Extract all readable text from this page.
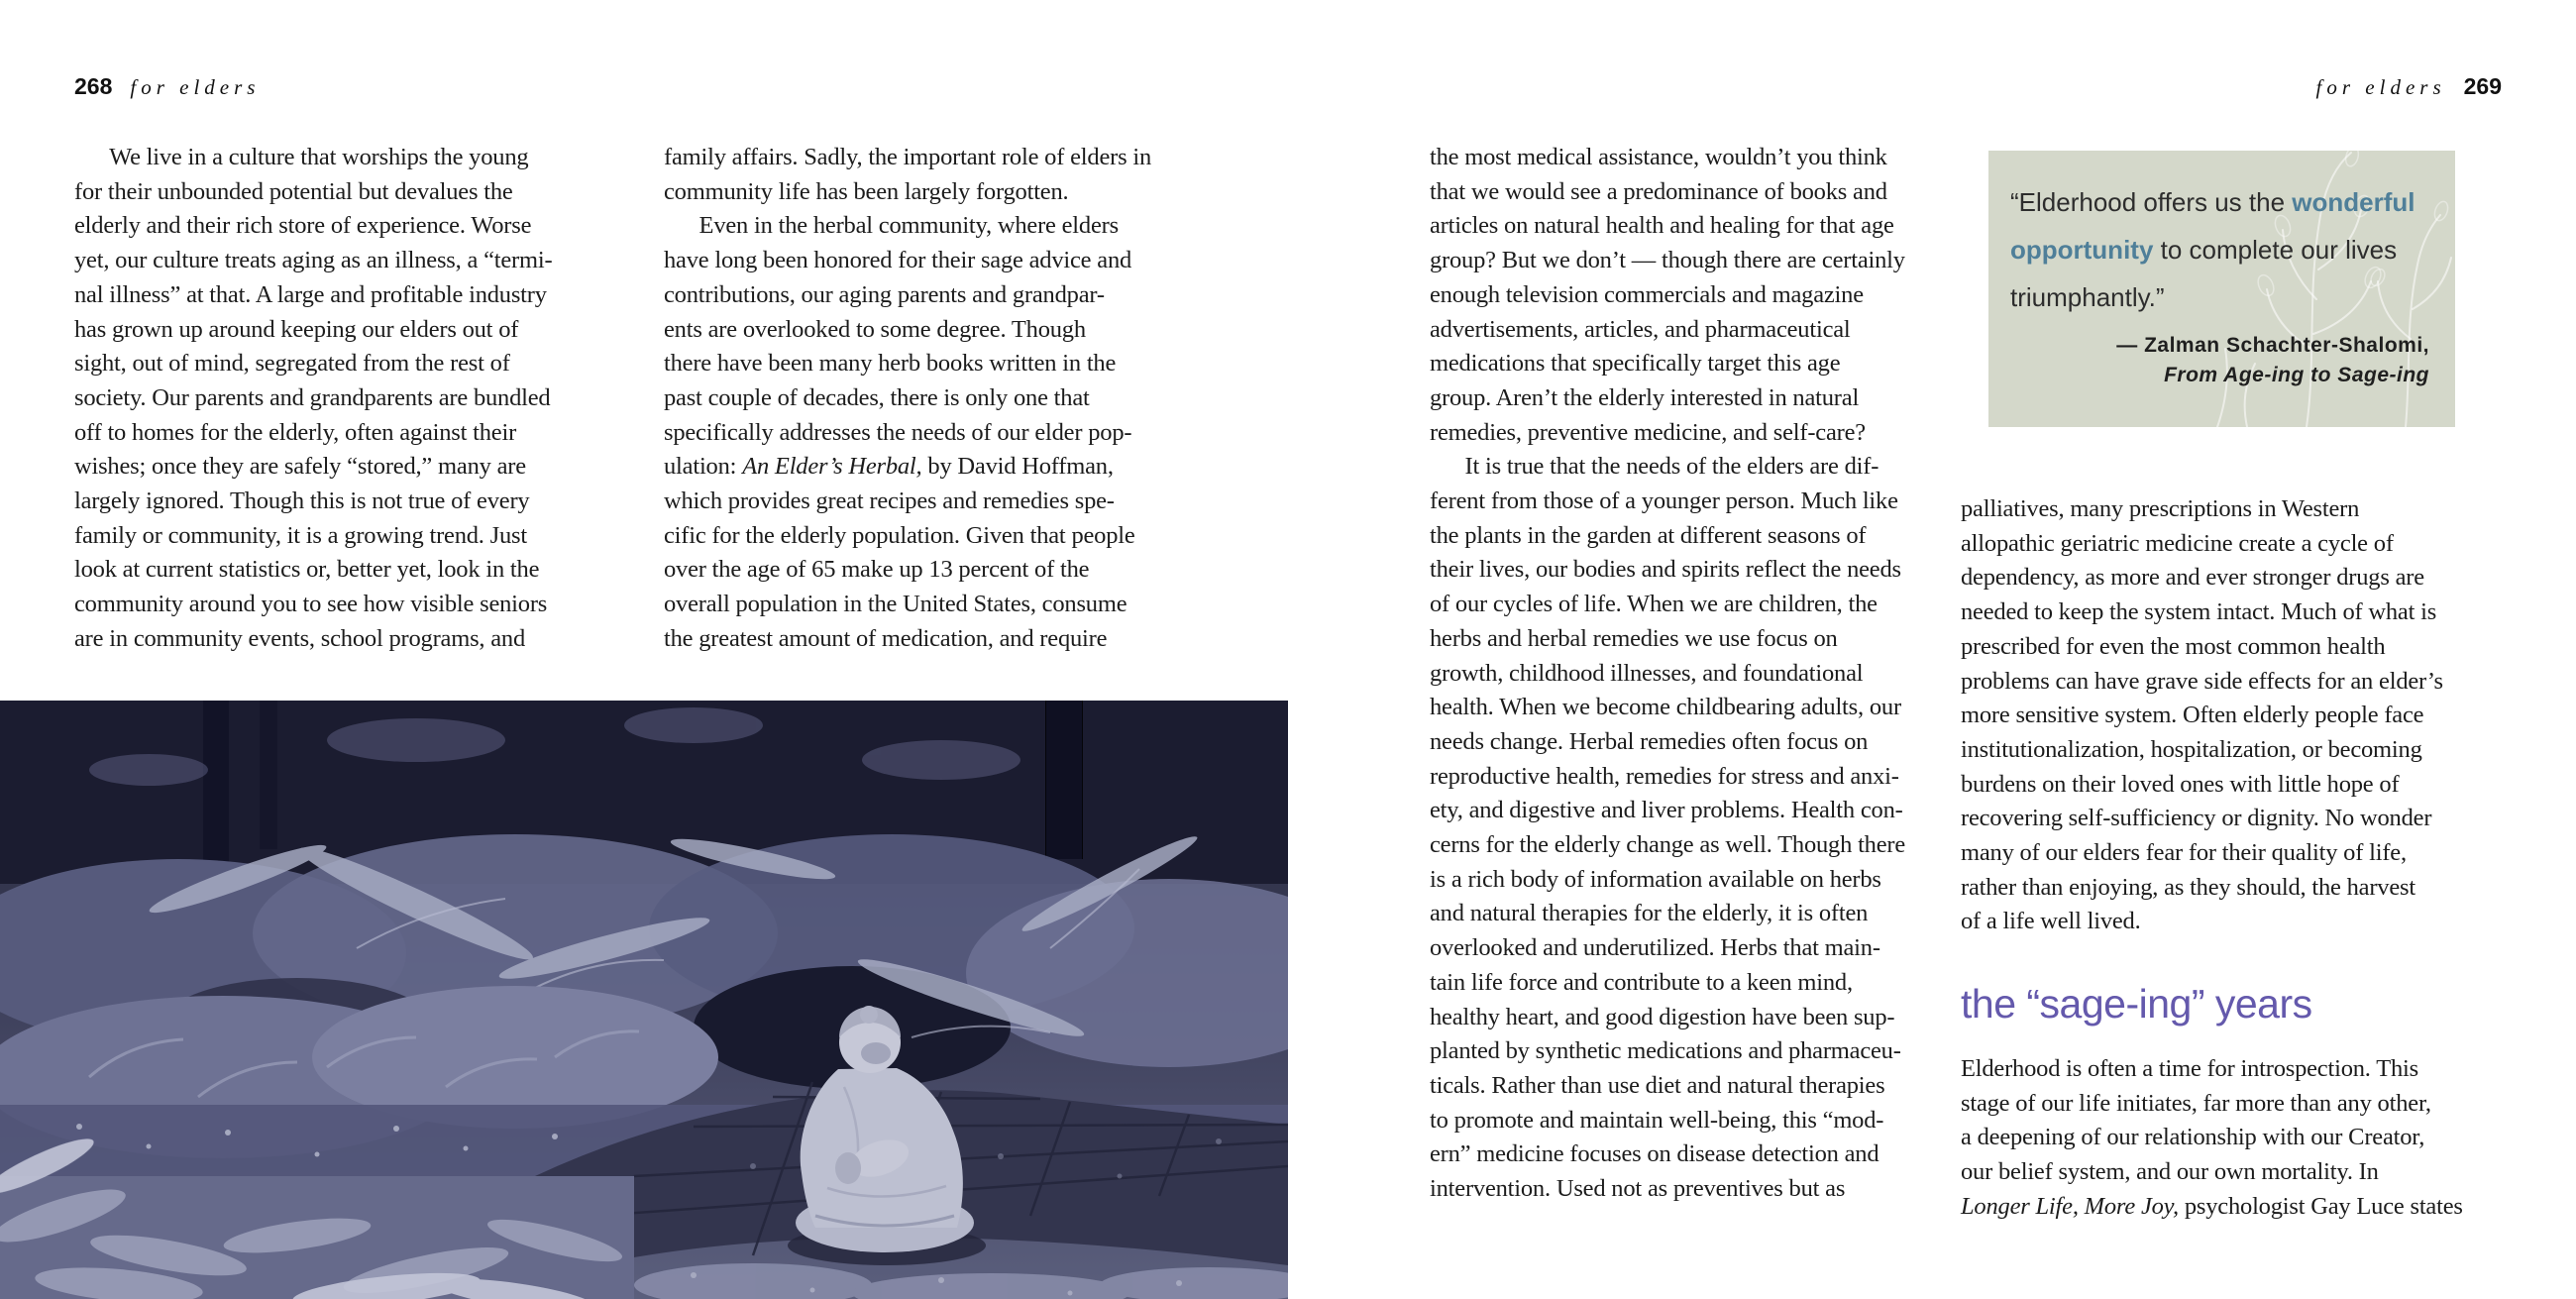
268 for elders	for elders 269
We live in a culture that worships the young
for their unbounded potential but devalues the
elderly and their rich store of experience. Worse
yet, our culture treats aging as an illness, a “termi-
nal illness” at that. A large and profitable industry
has grown up around keeping our elders out of
sight, out of mind, segregated from the rest of
society. Our parents and grandparents are bundled
off to homes for the elderly, often against their
wishes; once they are safely “stored,” many are
largely ignored. Though this is not true of every
family or community, it is a growing trend. Just
look at current statistics or, better yet, look in the
community around you to see how visible seniors
are in community events, school programs, and
family affairs. Sadly, the important role of elders in
community life has been largely forgotten.
Even in the herbal community, where elders
have long been honored for their sage advice and
contributions, our aging parents and grandpar-
ents are overlooked to some degree. Though
there have been many herb books written in the
past couple of decades, there is only one that
specifically addresses the needs of our elder pop-
ulation: An Elder’s Herbal, by David Hoffman,
which provides great recipes and remedies spe-
cific for the elderly population. Given that people
over the age of 65 make up 13 percent of the
overall population in the United States, consume
the greatest amount of medication, and require
the most medical assistance, wouldn’t you think
that we would see a predominance of books and
articles on natural health and healing for that age
group? But we don’t — though there are certainly
enough television commercials and magazine
advertisements, articles, and pharmaceutical
medications that specifically target this age
group. Aren’t the elderly interested in natural
remedies, preventive medicine, and self-care?
It is true that the needs of the elders are dif-
ferent from those of a younger person. Much like
the plants in the garden at different seasons of
their lives, our bodies and spirits reflect the needs
of our cycles of life. When we are children, the
herbs and herbal remedies we use focus on
growth, childhood illnesses, and foundational
health. When we become childbearing adults, our
needs change. Herbal remedies often focus on
reproductive health, remedies for stress and anxi-
ety, and digestive and liver problems. Health con-
cerns for the elderly change as well. Though there
is a rich body of information available on herbs
and natural therapies for the elderly, it is often
overlooked and underutilized. Herbs that main-
tain life force and contribute to a keen mind,
healthy heart, and good digestion have been sup-
planted by synthetic medications and pharmaceu-
ticals. Rather than use diet and natural therapies
to promote and maintain well-being, this “mod-
ern” medicine focuses on disease detection and
intervention. Used not as preventives but as
“Elderhood offers us the wonderful
opportunity to complete our lives
triumphantly.”
— Zalman Schachter-Shalomi,
From Age-ing to Sage-ing
palliatives, many prescriptions in Western
allopathic geriatric medicine create a cycle of
dependency, as more and ever stronger drugs are
needed to keep the system intact. Much of what is
prescribed for even the most common health
problems can have grave side effects for an elder’s
more sensitive system. Often elderly people face
institutionalization, hospitalization, or becoming
burdens on their loved ones with little hope of
recovering self-sufficiency or dignity. No wonder
many of our elders fear for their quality of life,
rather than enjoying, as they should, the harvest
of a life well lived.
the “sage-ing” years
Elderhood is often a time for introspection. This
stage of our life initiates, far more than any other,
a deepening of our relationship with our Creator,
our belief system, and our own mortality. In
Longer Life, More Joy, psychologist Gay Luce states
